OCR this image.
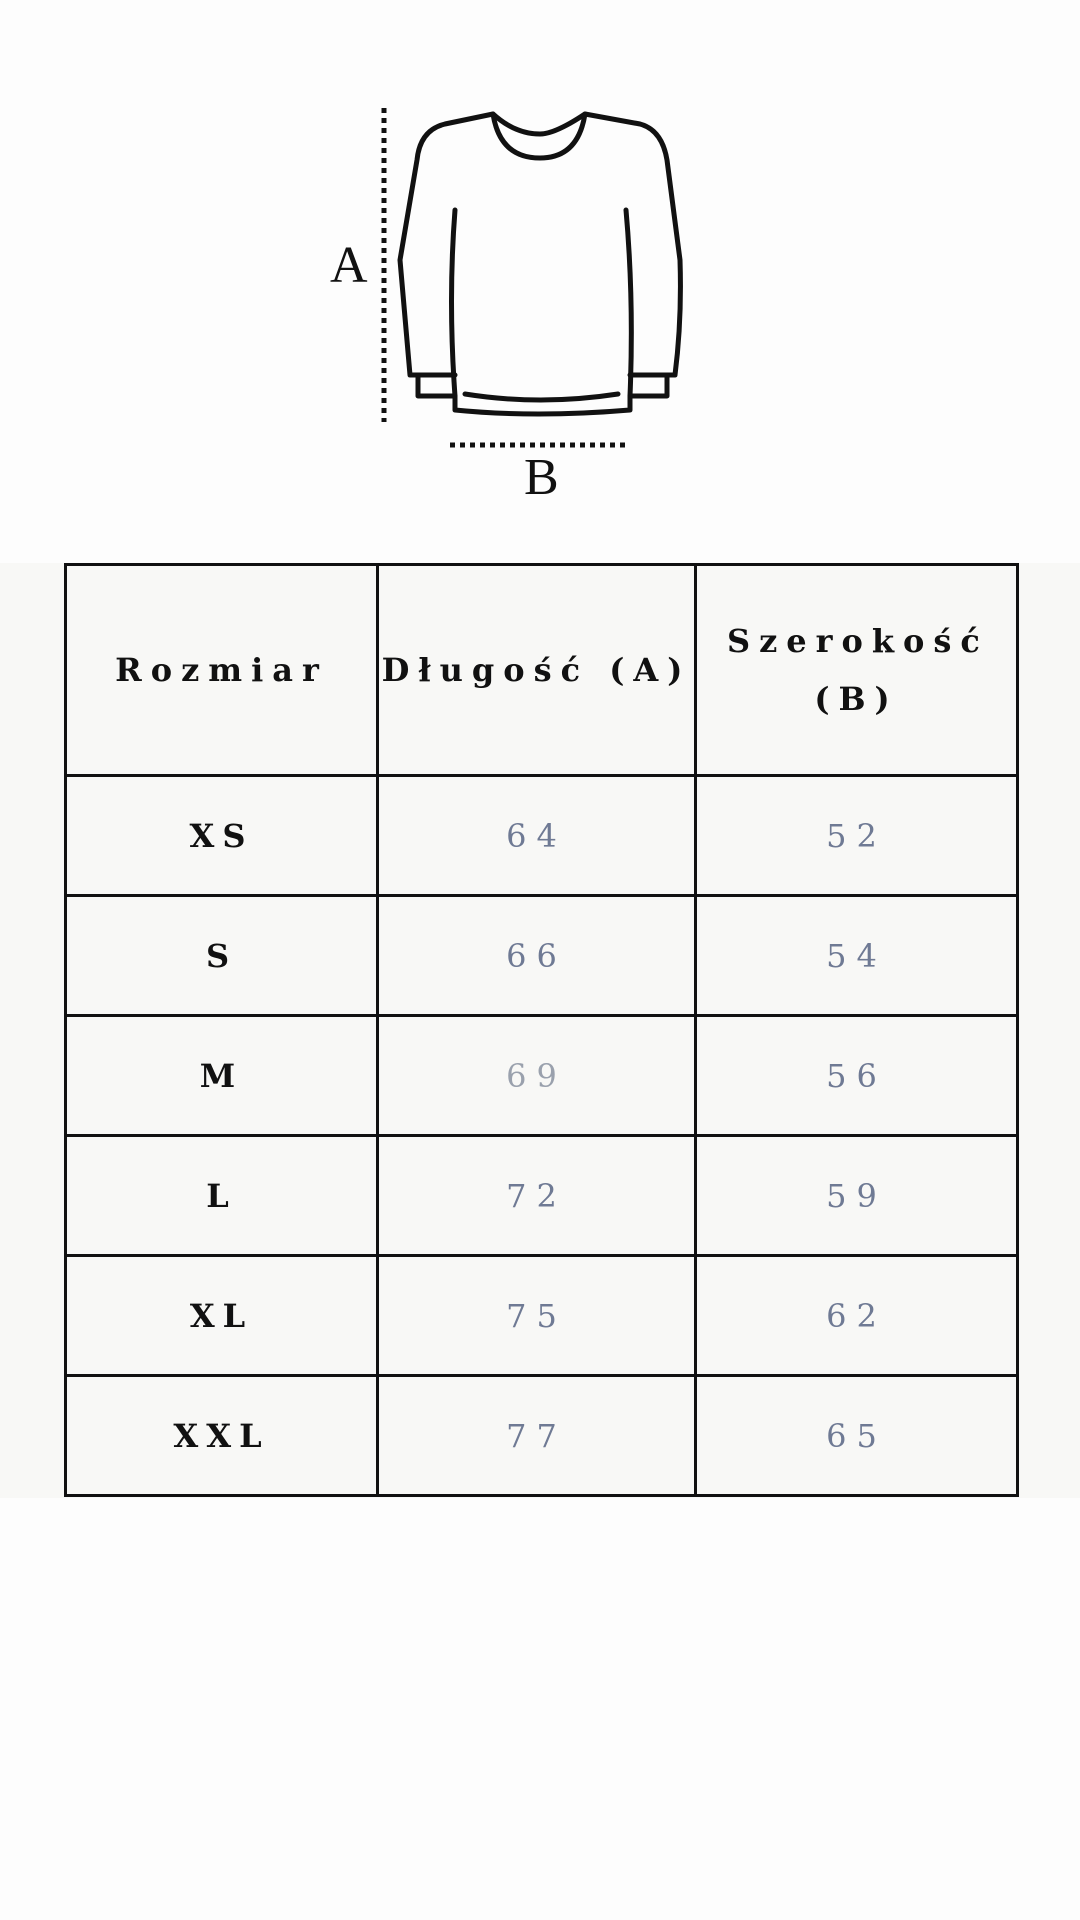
A
B
Rozmiar	Długość (A)	Szerokość (B)
XS	64	52
S	66	54
M	69	56
L	72	59
XL	75	62
XXL	77	65
